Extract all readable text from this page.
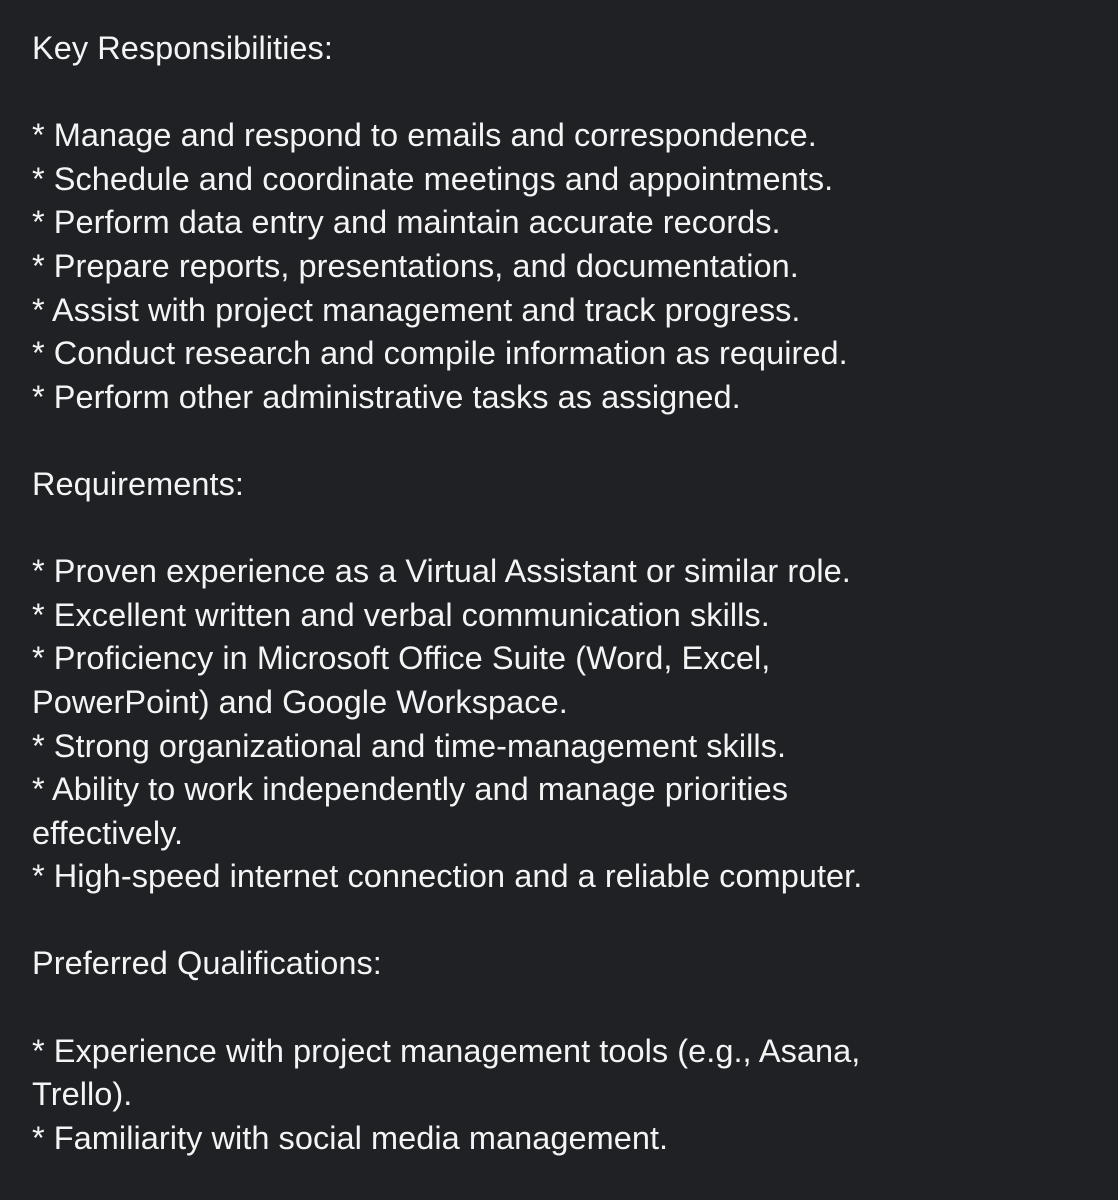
Key Responsibilities:
* Manage and respond to emails and correspondence.
* Schedule and coordinate meetings and appointments.
* Perform data entry and maintain accurate records.
* Prepare reports, presentations, and documentation.
* Assist with project management and track progress.
* Conduct research and compile information as required.
* Perform other administrative tasks as assigned.
Requirements:
* Proven experience as a Virtual Assistant or similar role.
* Excellent written and verbal communication skills.
* Proficiency in Microsoft Office Suite (Word, Excel,
PowerPoint) and Google Workspace.
* Strong organizational and time-management skills.
* Ability to work independently and manage priorities
effectively.
* High-speed internet connection and a reliable computer.
Preferred Qualifications:
* Experience with project management tools (e.g., Asana,
Trello).
* Familiarity with social media management.
